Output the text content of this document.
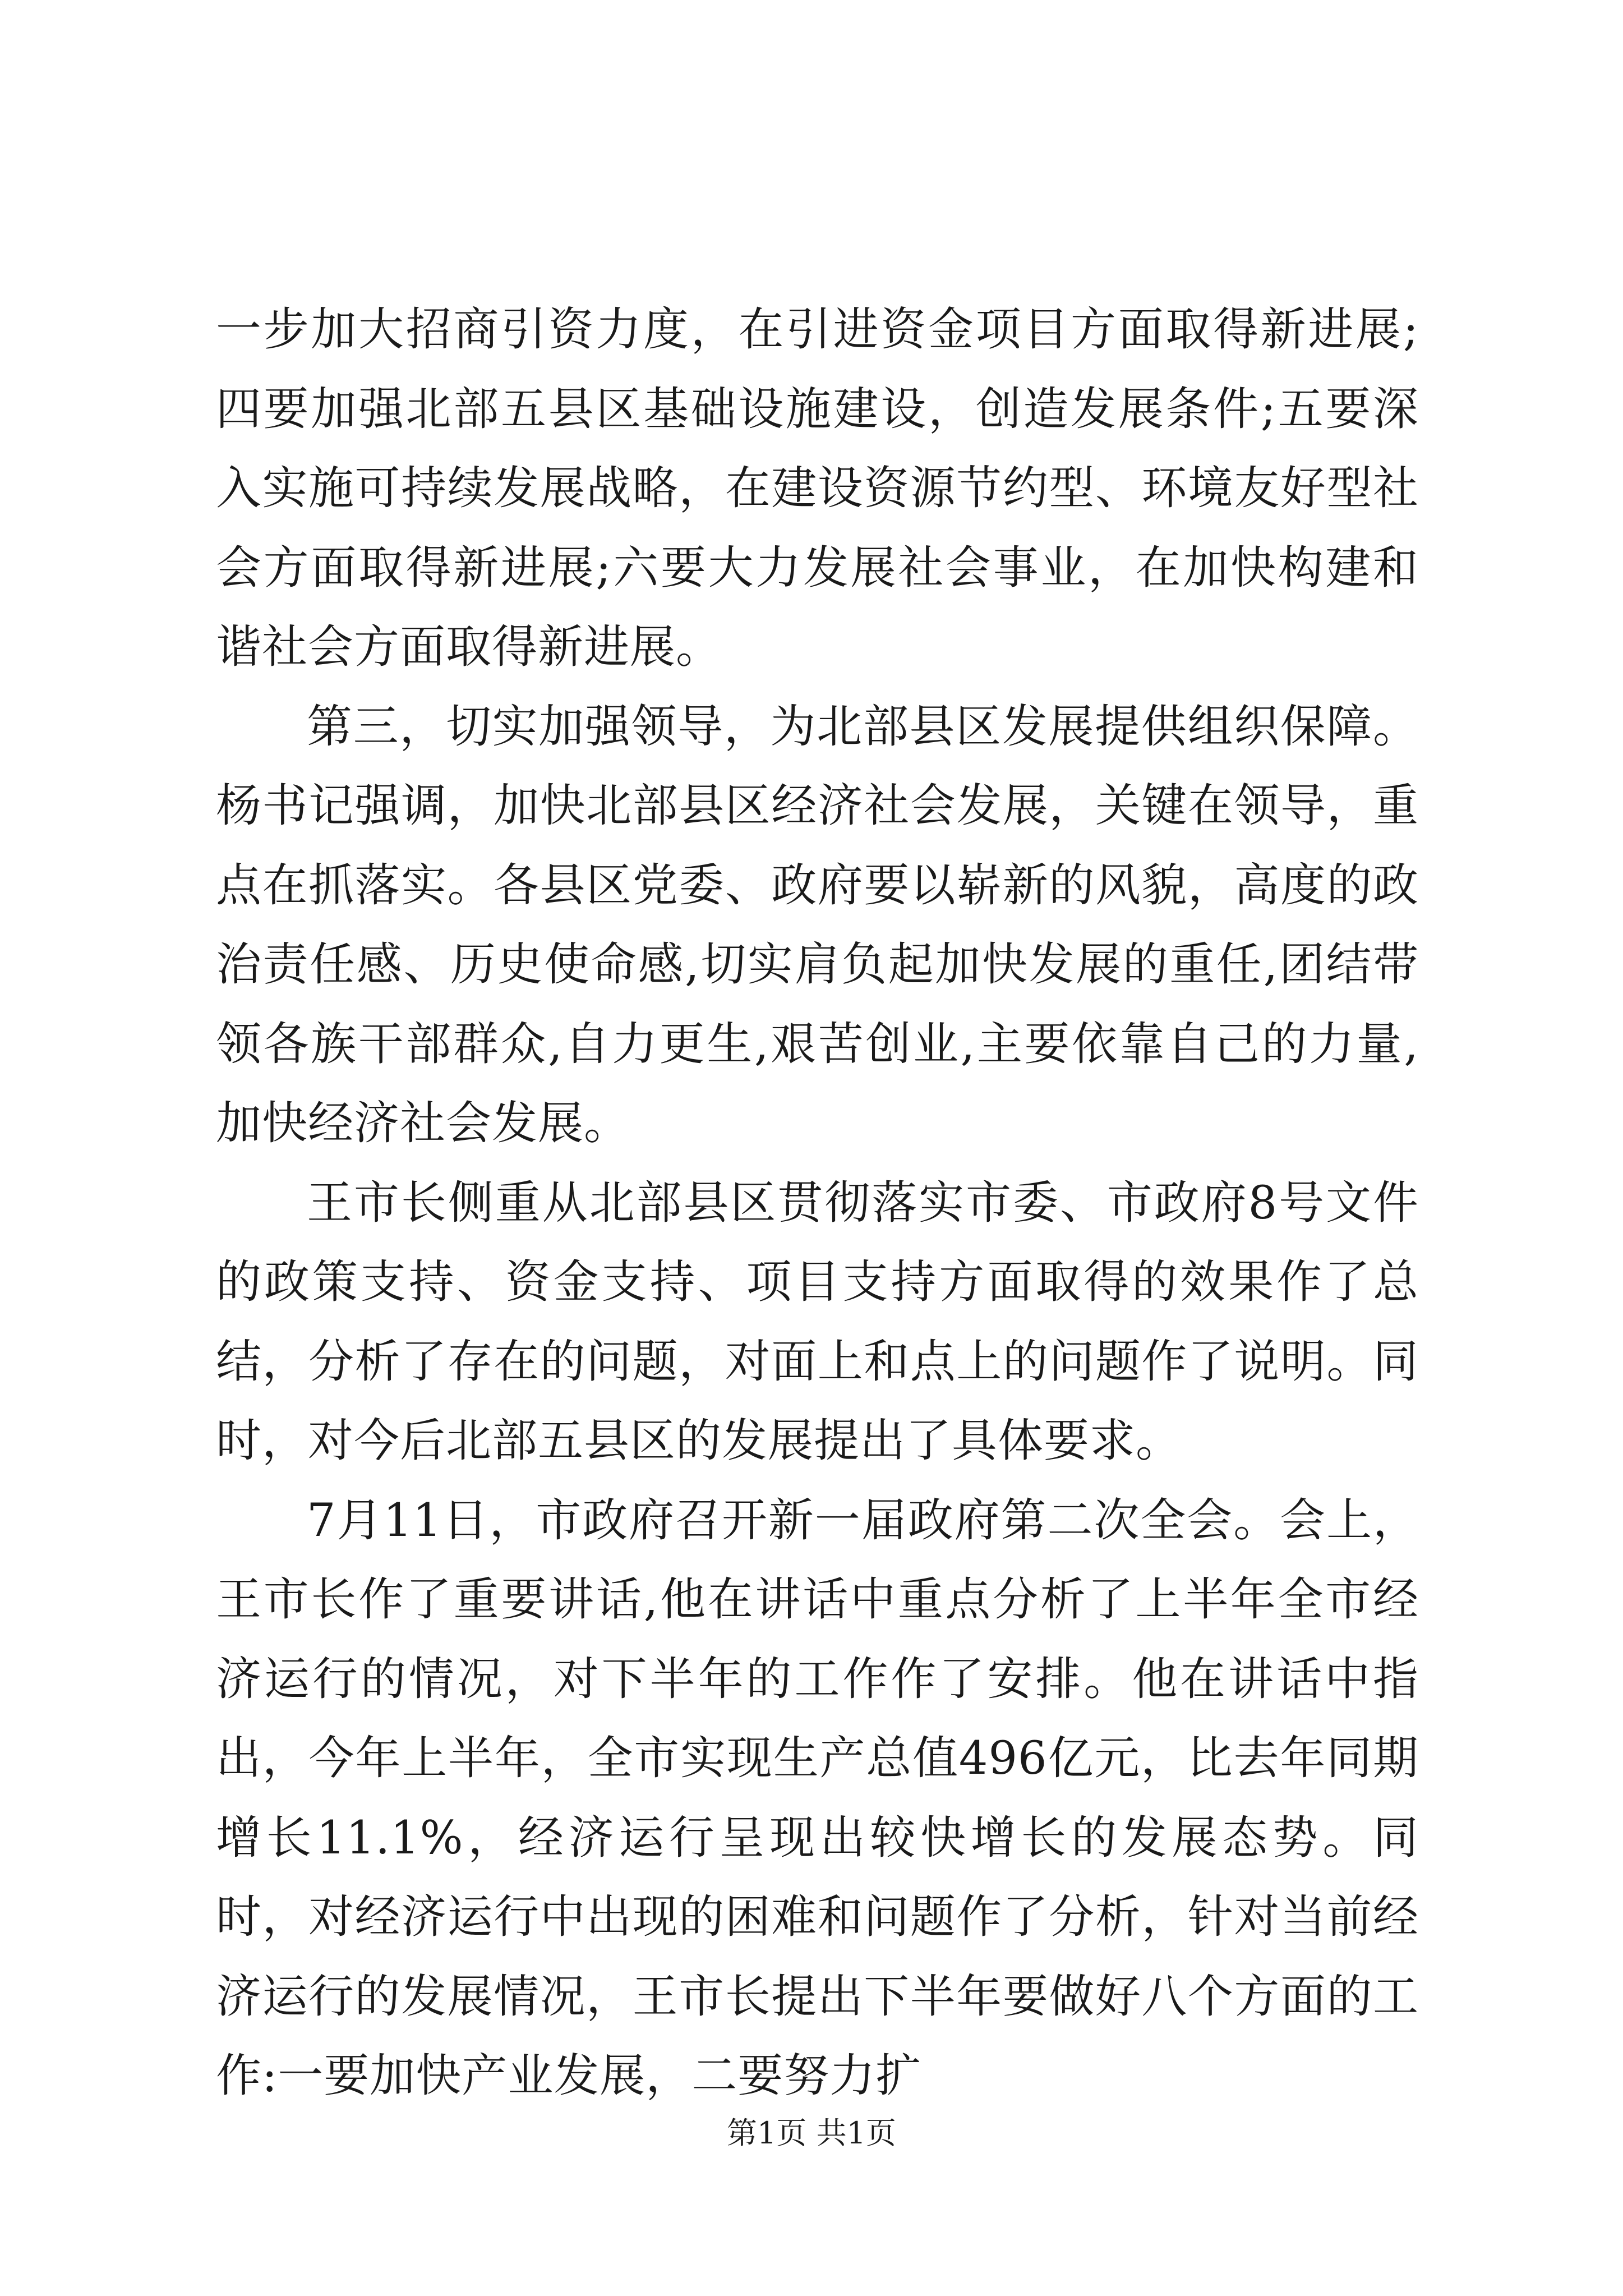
一步加大招商引资力度，在引进资金项目方面取得新进展;四要加强北部五县区基础设施建设，创造发展条件;五要深入实施可持续发展战略，在建设资源节约型、环境友好型社会方面取得新进展;六要大力发展社会事业，在加快构建和谐社会方面取得新进展。

第三，切实加强领导，为北部县区发展提供组织保障。杨书记强调，加快北部县区经济社会发展，关键在领导，重点在抓落实。各县区党委、政府要以崭新的风貌，高度的政治责任感、历史使命感,切实肩负起加快发展的重任,团结带领各族干部群众,自力更生,艰苦创业,主要依靠自己的力量,加快经济社会发展。

王市长侧重从北部县区贯彻落实市委、市政府8号文件的政策支持、资金支持、项目支持方面取得的效果作了总结，分析了存在的问题，对面上和点上的问题作了说明。同时，对今后北部五县区的发展提出了具体要求。

7月11日，市政府召开新一届政府第二次全会。会上，王市长作了重要讲话,他在讲话中重点分析了上半年全市经济运行的情况，对下半年的工作作了安排。他在讲话中指出，今年上半年，全市实现生产总值496亿元，比去年同期增长11.1%，经济运行呈现出较快增长的发展态势。同时，对经济运行中出现的困难和问题作了分析，针对当前经济运行的发展情况，王市长提出下半年要做好八个方面的工作:一要加快产业发展，二要努力扩

第1页 共1页
